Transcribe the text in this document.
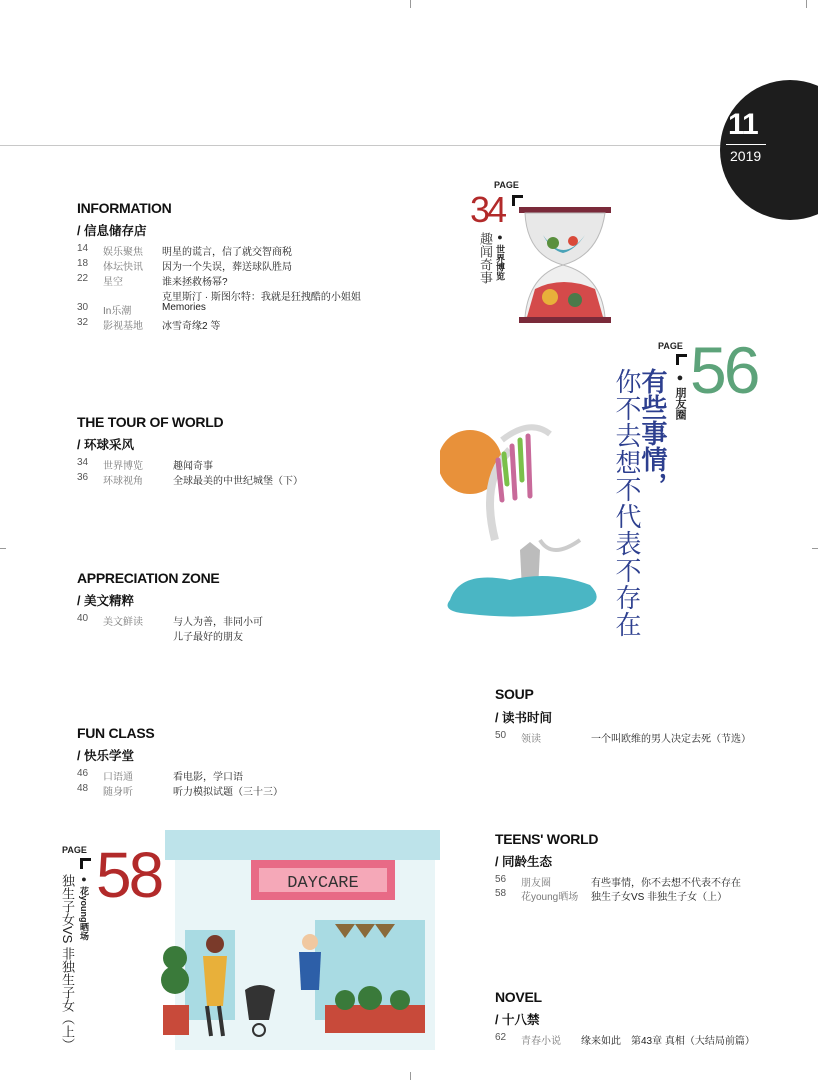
11
2019
INFORMATION
/ 信息储存店
14 娱乐聚焦 明星的谎言，信了就交智商税
18 体坛快讯 因为一个失误，葬送球队胜局
22 星空	谁来拯救杨幂?
克里斯汀 · 斯图尔特：我就是狂拽酷的小姐姐
30 In乐潮	Memories
32 影视基地 冰雪奇缘2 等
THE TOUR OF WORLD
/ 环球采风
34 世界博览	趣闻奇事
36 环球视角	全球最美的中世纪城堡（下）
APPRECIATION ZONE
/ 美文精粹
40 美文鲜读	与人为善，非同小可
儿子最好的朋友
FUN CLASS
/ 快乐学堂
46 口语通	看电影，学口语
48 随身听	听力模拟试题（三十三）
SOUP
/ 读书时间
50 领读	一个叫欧维的男人决定去死（节选）
TEENS' WORLD
/ 同龄生态
56 朋友圈	有些事情，你不去想不代表不存在
58 花young晒场 独生子女VS 非独生子女（上）
NOVEL
/ 十八禁
62 青春小说 缘来如此　第43章 真相（大结局前篇）
PAGE
34
● 世界博览
趣闻奇事
PAGE 56
● 朋友圈
有些事情，
你不去想不代表不存在
PAGE 58
● 花young晒场
独生子女VS 非独生子女（上）	DAYCARE
